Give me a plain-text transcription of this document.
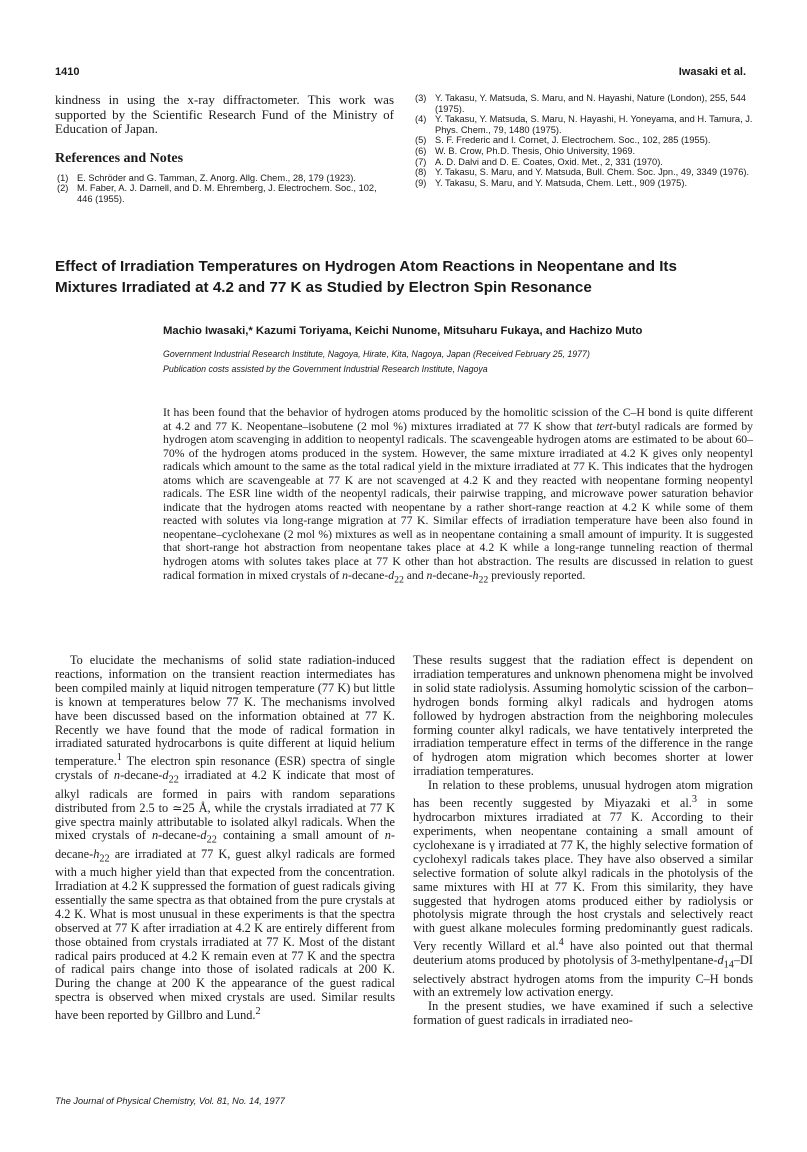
1410	Iwasaki et al.

kindness in using the x-ray diffractometer. This work was supported by the Scientific Research Fund of the Ministry of Education of Japan.

References and Notes
(1) E. Schröder and G. Tamman, Z. Anorg. Allg. Chem., 28, 179 (1923).
(2) M. Faber, A. J. Darnell, and D. M. Ehremberg, J. Electrochem. Soc., 102, 446 (1955).
(3) Y. Takasu, Y. Matsuda, S. Maru, and N. Hayashi, Nature (London), 255, 544 (1975).
(4) Y. Takasu, Y. Matsuda, S. Maru, N. Hayashi, H. Yoneyama, and H. Tamura, J. Phys. Chem., 79, 1480 (1975).
(5) S. F. Frederic and I. Cornet, J. Electrochem. Soc., 102, 285 (1955).
(6) W. B. Crow, Ph.D. Thesis, Ohio University, 1969.
(7) A. D. Dalvi and D. E. Coates, Oxid. Met., 2, 331 (1970).
(8) Y. Takasu, S. Maru, and Y. Matsuda, Bull. Chem. Soc. Jpn., 49, 3349 (1976).
(9) Y. Takasu, S. Maru, and Y. Matsuda, Chem. Lett., 909 (1975).
Effect of Irradiation Temperatures on Hydrogen Atom Reactions in Neopentane and Its
Mixtures Irradiated at 4.2 and 77 K as Studied by Electron Spin Resonance
Machio Iwasaki,* Kazumi Toriyama, Keichi Nunome, Mitsuharu Fukaya, and Hachizo Muto
Government Industrial Research Institute, Nagoya, Hirate, Kita, Nagoya, Japan (Received February 25, 1977)
Publication costs assisted by the Government Industrial Research Institute, Nagoya

It has been found that the behavior of hydrogen atoms produced by the homolitic scission of the C–H bond is quite different at 4.2 and 77 K. Neopentane–isobutene (2 mol %) mixtures irradiated at 77 K show that tert-butyl radicals are formed by hydrogen atom scavenging in addition to neopentyl radicals. The scavengeable hydrogen atoms are estimated to be about 60–70% of the hydrogen atoms produced in the system. However, the same mixture irradiated at 4.2 K gives only neopentyl radicals which amount to the same as the total radical yield in the mixture irradiated at 77 K. This indicates that the hydrogen atoms which are scavengeable at 77 K are not scavenged at 4.2 K and they reacted with neopentane forming neopentyl radicals. The ESR line width of the neopentyl radicals, their pairwise trapping, and microwave power saturation behavior indicate that the hydrogen atoms reacted with neopentane by a rather short-range reaction at 4.2 K while some of them reacted with solutes via long-range migration at 77 K. Similar effects of irradiation temperature have been also found in neopentane–cyclohexane (2 mol %) mixtures as well as in neopentane containing a small amount of impurity. It is suggested that short-range hot abstraction from neopentane takes place at 4.2 K while a long-range tunneling reaction of thermal hydrogen atoms with solutes takes place at 77 K other than hot abstraction. The results are discussed in relation to guest radical formation in mixed crystals of $n-decane-d_{22}$ and $n-decane-h_{22}$ previously reported.

To elucidate the mechanisms of solid state radiation-induced reactions, information on the transient reaction intermediates has been compiled mainly at liquid nitrogen temperature (77 K) but little is known at temperatures below 77 K. The mechanisms involved have been discussed based on the information obtained at 77 K. Recently we have found that the mode of radical formation in irradiated saturated hydrocarbons is quite different at liquid helium temperature.$^1$ The electron spin resonance (ESR) spectra of single crystals of $n-decane-d_{22}$ irradiated at 4.2 K indicate that most of alkyl radicals are formed in pairs with random separations distributed from 2.5 to ≃25 Å, while the crystals irradiated at 77 K give spectra mainly attributable to isolated alkyl radicals. When the mixed crystals of $n-decane-d_{22}$ containing a small amount of $n-decane-h_{22}$ are irradiated at 77 K, guest alkyl radicals are formed with a much higher yield than that expected from the concentration. Irradiation at 4.2 K suppressed the formation of guest radicals giving essentially the same spectra as that obtained from the pure crystals at 4.2 K. What is most unusual in these experiments is that the spectra observed at 77 K after irradiation at 4.2 K are entirely different from those obtained from crystals irradiated at 77 K. Most of the distant radical pairs produced at 4.2 K remain even at 77 K and the spectra of radical pairs change into those of isolated radicals at 200 K. During the change at 200 K the appearance of the guest radical spectra is observed when mixed crystals are used. Similar results have been reported by Gillbro and Lund.$^2$

These results suggest that the radiation effect is dependent on irradiation temperatures and unknown phenomena might be involved in solid state radiolysis. Assuming homolytic scission of the carbon–hydrogen bonds forming alkyl radicals and hydrogen atoms followed by hydrogen abstraction from the neighboring molecules forming counter alkyl radicals, we have tentatively interpreted the irradiation temperature effect in terms of the difference in the range of hydrogen atom migration which becomes shorter at lower irradiation temperatures.

In relation to these problems, unusual hydrogen atom migration has been recently suggested by Miyazaki et al.$^3$ in some hydrocarbon mixtures irradiated at 77 K. According to their experiments, when neopentane containing a small amount of cyclohexane is γ irradiated at 77 K, the highly selective formation of cyclohexyl radicals takes place. They have also observed a similar selective formation of solute alkyl radicals in the photolysis of the same mixtures with HI at 77 K. From this similarity, they have suggested that hydrogen atoms produced either by radiolysis or photolysis migrate through the host crystals and selectively react with guest alkane molecules forming predominantly guest radicals. Very recently Willard et al.$^4$ have also pointed out that thermal deuterium atoms produced by photolysis of $3-methylpentane-d_{14}-DI$ selectively abstract hydrogen atoms from the impurity C–H bonds with an extremely low activation energy.

In the present studies, we have examined if such a selective formation of guest radicals in irradiated neo-

The Journal of Physical Chemistry, Vol. 81, No. 14, 1977
